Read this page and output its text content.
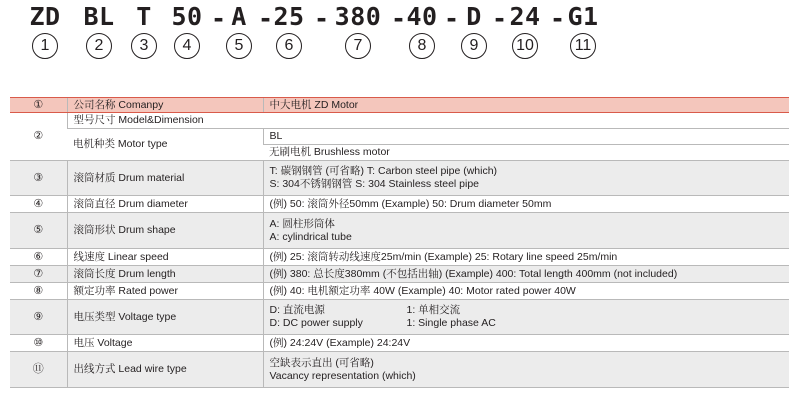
ZD
1
BL
2
T
3
50
4
- A
5
- 25
6
- 380
7
- 40
8
- D
9
- 24
10
- G1
11
①	公司名称 Comanpy	中大电机 ZD Motor
②	型号尺寸 Model&Dimension	
	电机种类 Motor type	BL
		无刷电机 Brushless motor
③	滚筒材质 Drum material	T: 碳钢钢管 (可省略) T: Carbon steel pipe (which)
S: 304不锈钢钢管 S: 304 Stainless steel pipe

④	滚筒直径 Drum diameter	(例) 50: 滚筒外径50mm (Example) 50: Drum diameter 50mm
⑤	滚筒形状 Drum shape	A: 圆柱形筒体
A: cylindrical tube

⑥	线速度 Linear speed	(例) 25: 滚筒转动线速度25m/min (Example) 25: Rotary line speed 25m/min
⑦	滚筒长度 Drum length	(例) 380: 总长度380mm (不包括出轴) (Example) 400: Total length 400mm (not included)
⑧	额定功率 Rated power	(例) 40: 电机额定功率 40W (Example) 40: Motor rated power 40W
⑨	电压类型 Voltage type	D: 直流电源 1: 单相交流
D: DC power supply 1: Single phase AC

⑩	电压 Voltage	(例) 24:24V (Example) 24:24V
⑪	出线方式 Lead wire type	空缺表示直出 (可省略)
Vacancy representation (which)
